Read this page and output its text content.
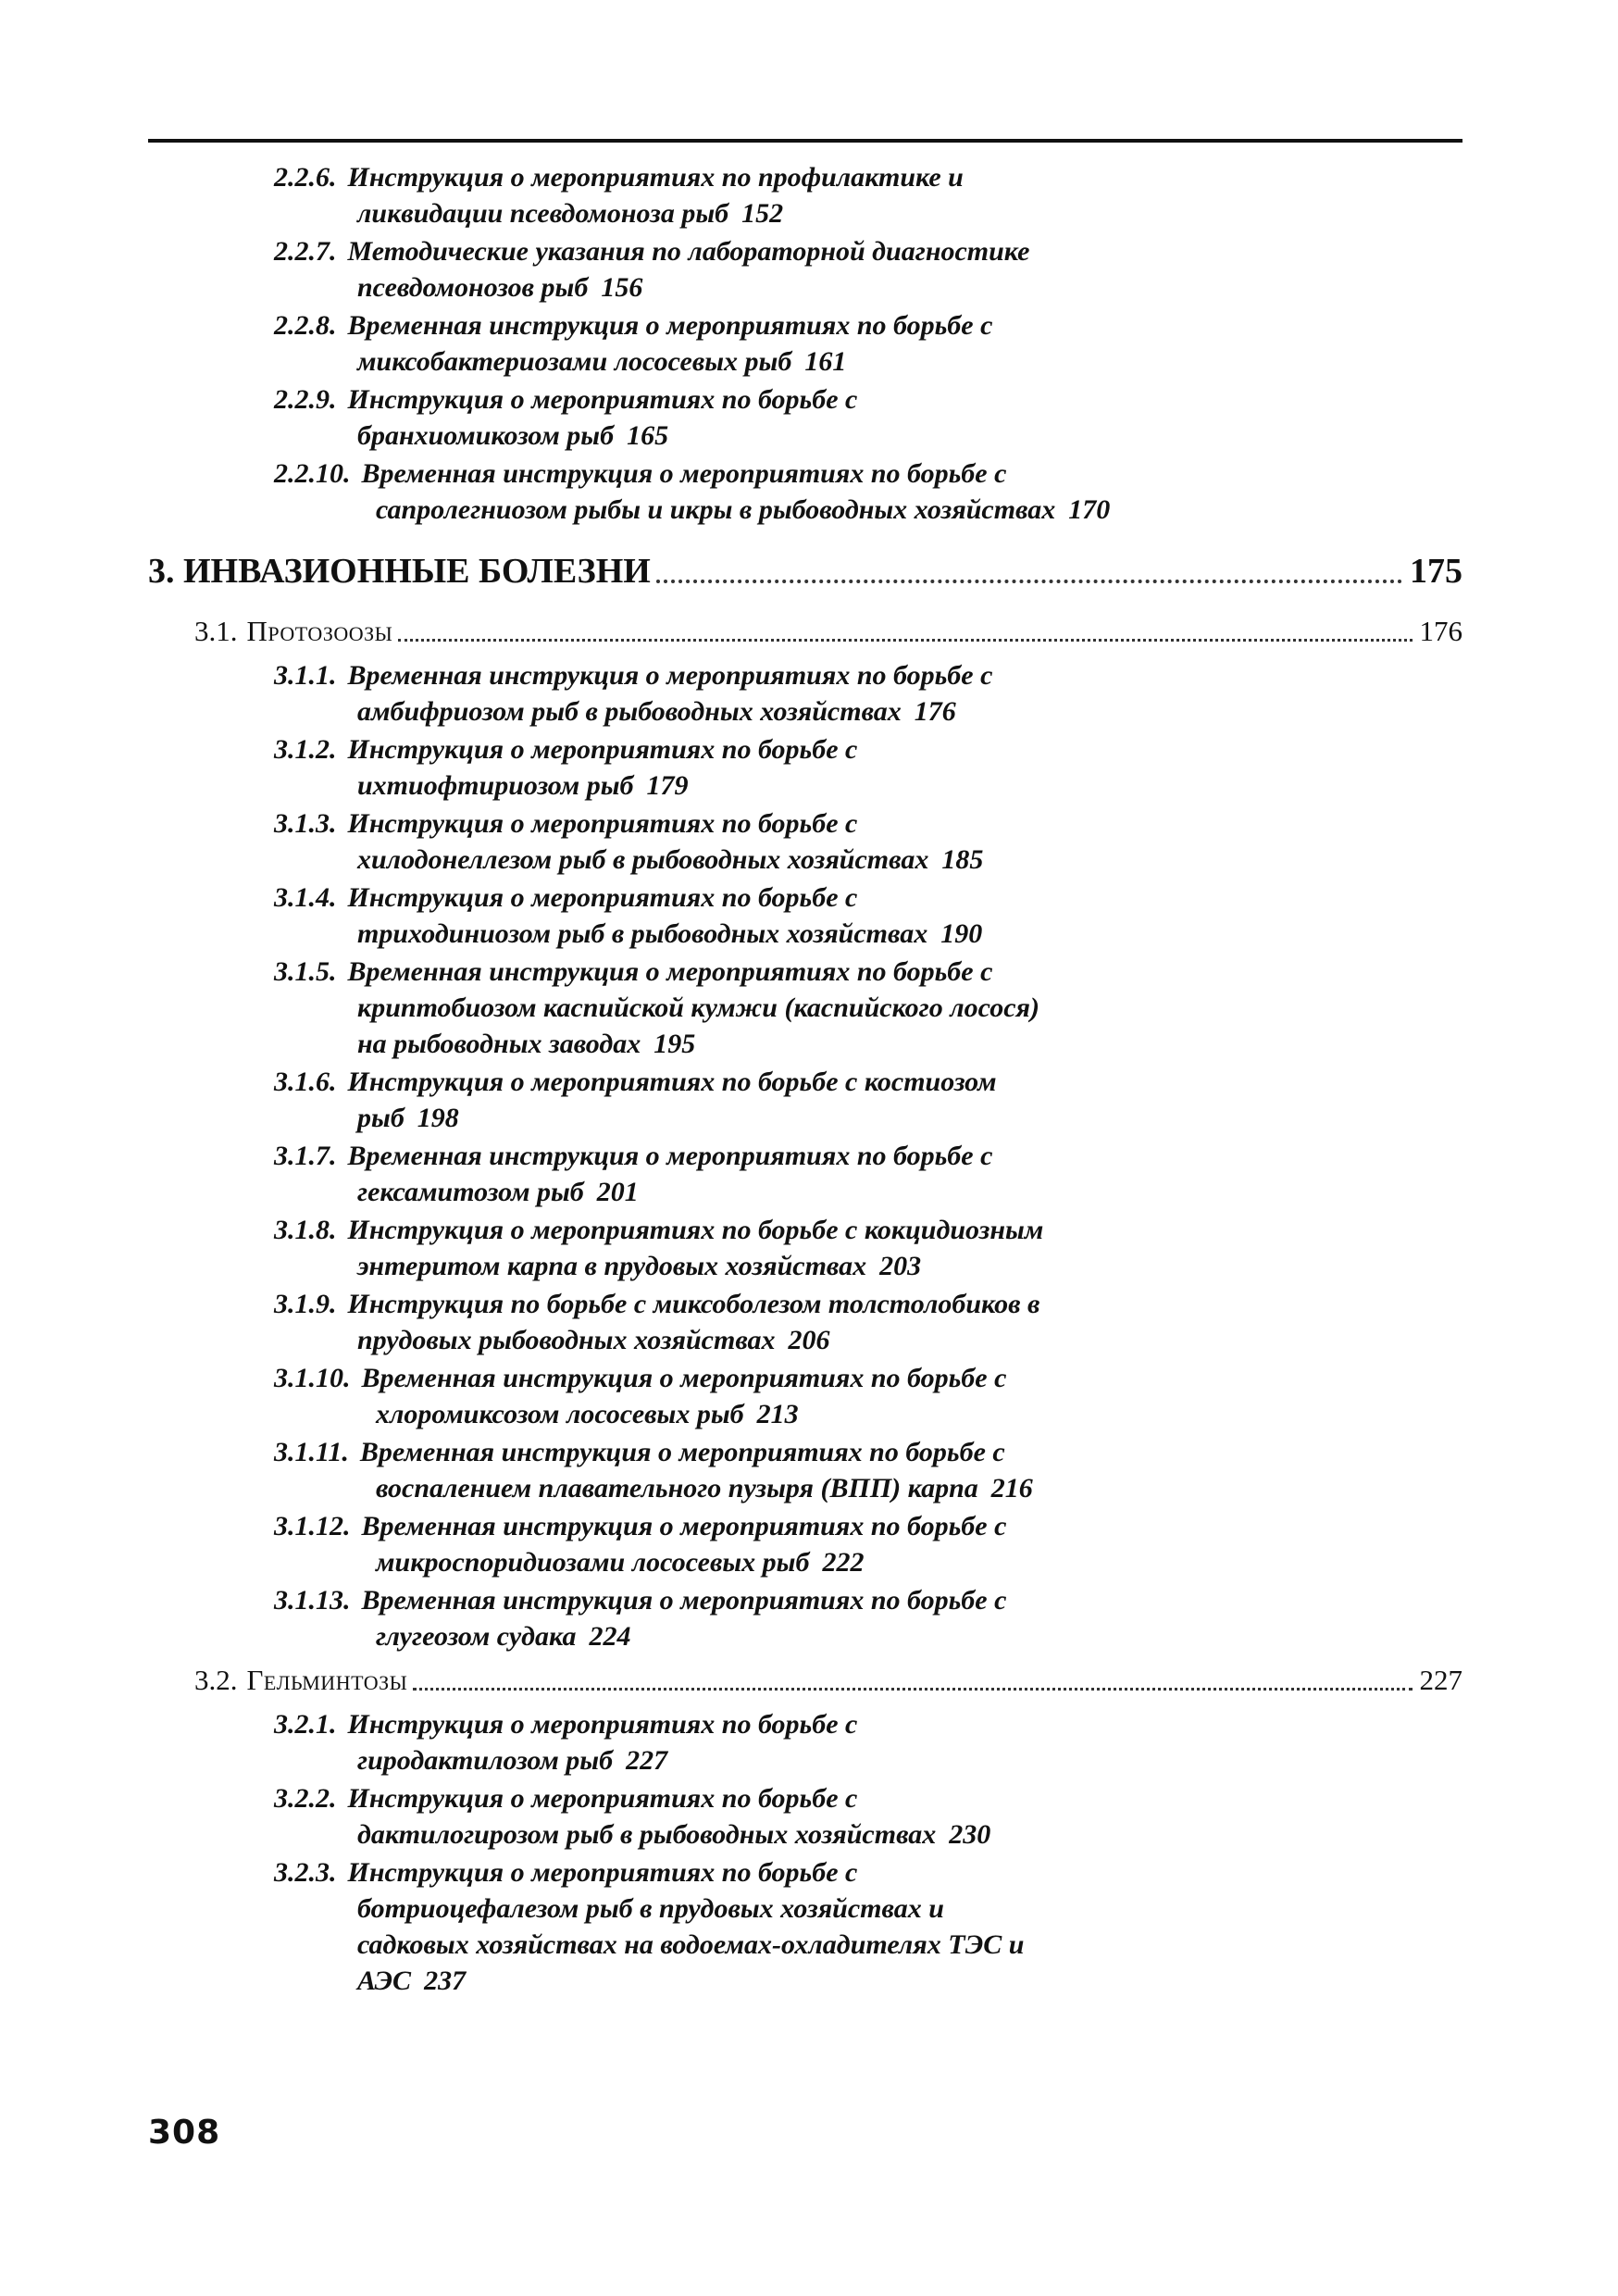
2.2.6. Инструкция о мероприятиях по профилактике и
ликвидации псевдомоноза рыб 152
2.2.7. Методические указания по лабораторной диагностике
псевдомонозов рыб 156
2.2.8. Временная инструкция о мероприятиях по борьбе с
миксобактериозами лососевых рыб 161
2.2.9. Инструкция о мероприятиях по борьбе с
бранхиомикозом рыб 165
2.2.10. Временная инструкция о мероприятиях по борьбе с
сапролегниозом рыбы и икры в рыбоводных хозяйствах 170
3. ИНВАЗИОННЫЕ БОЛЕЗНИ	175
3.1. Протозоозы	176
3.1.1. Временная инструкция о мероприятиях по борьбе с
амбифриозом рыб в рыбоводных хозяйствах 176
3.1.2. Инструкция о мероприятиях по борьбе с
ихтиофтириозом рыб 179
3.1.3. Инструкция о мероприятиях по борьбе с
хилодонеллезом рыб в рыбоводных хозяйствах 185
3.1.4. Инструкция о мероприятиях по борьбе с
триходиниозом рыб в рыбоводных хозяйствах 190
3.1.5. Временная инструкция о мероприятиях по борьбе с
криптобиозом каспийской кумжи (каспийского лосося)
на рыбоводных заводах 195
3.1.6. Инструкция о мероприятиях по борьбе с костиозом
рыб 198
3.1.7. Временная инструкция о мероприятиях по борьбе с
гексамитозом рыб 201
3.1.8. Инструкция о мероприятиях по борьбе с кокцидиозным
энтеритом карпа в прудовых хозяйствах 203
3.1.9. Инструкция по борьбе с миксоболезом толстолобиков в
прудовых рыбоводных хозяйствах 206
3.1.10. Временная инструкция о мероприятиях по борьбе с
хлоромиксозом лососевых рыб 213
3.1.11. Временная инструкция о мероприятиях по борьбе с
воспалением плавательного пузыря (ВПП) карпа 216
3.1.12. Временная инструкция о мероприятиях по борьбе с
микроспоридиозами лососевых рыб 222
3.1.13. Временная инструкция о мероприятиях по борьбе с
глугеозом судака 224
3.2. Гельминтозы	227
3.2.1. Инструкция о мероприятиях по борьбе с
гиродактилозом рыб 227
3.2.2. Инструкция о мероприятиях по борьбе с
дактилогирозом рыб в рыбоводных хозяйствах 230
3.2.3. Инструкция о мероприятиях по борьбе с
ботриоцефалезом рыб в прудовых хозяйствах и
садковых хозяйствах на водоемах-охладителях ТЭС и
АЭС 237
308
